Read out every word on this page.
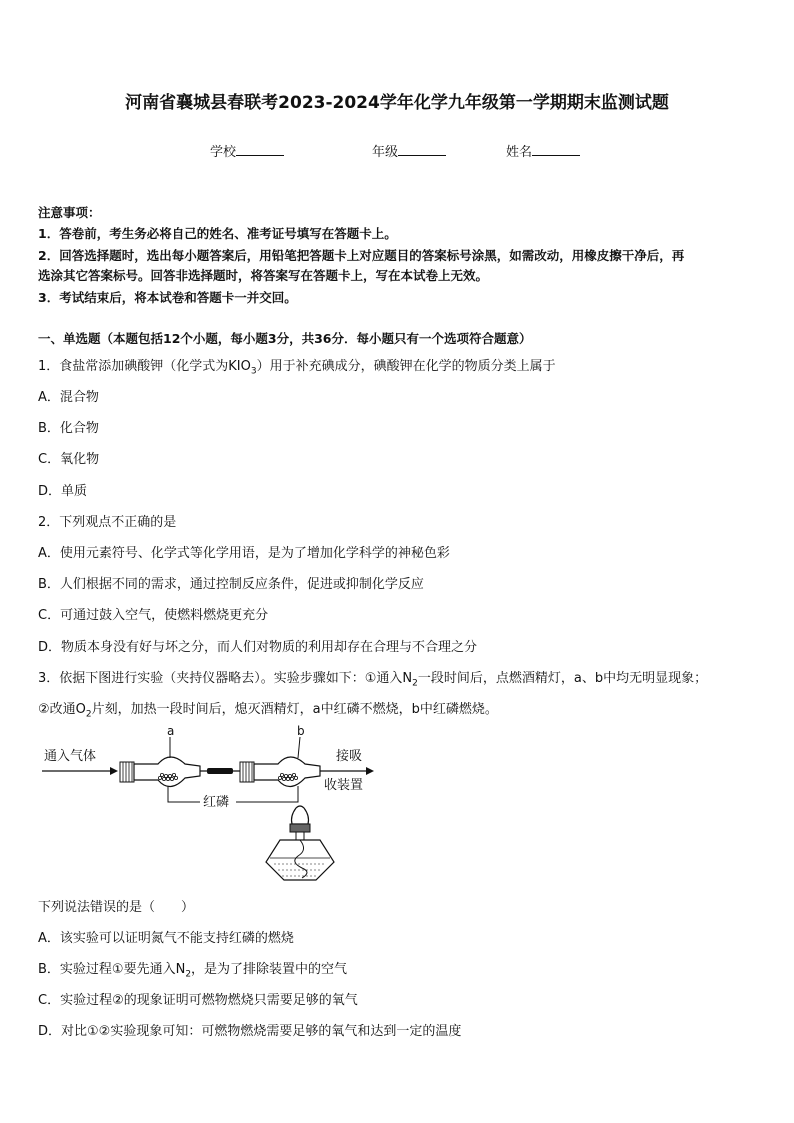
河南省襄城县春联考2023-2024学年化学九年级第一学期期末监测试题
学校	年级	姓名
注意事项：
1．答卷前，考生务必将自己的姓名、准考证号填写在答题卡上。
2．回答选择题时，选出每小题答案后，用铅笔把答题卡上对应题目的答案标号涂黑，如需改动，用橡皮擦干净后，再
选涂其它答案标号。回答非选择题时，将答案写在答题卡上，写在本试卷上无效。
3．考试结束后，将本试卷和答题卡一并交回。
一、单选题（本题包括12个小题，每小题3分，共36分．每小题只有一个选项符合题意）
1．食盐常添加碘酸钾（化学式为$KIO_3$）用于补充碘成分，碘酸钾在化学的物质分类上属于
A．混合物
B．化合物
C．氧化物
D．单质
2．下列观点不正确的是
A．使用元素符号、化学式等化学用语，是为了增加化学科学的神秘色彩
B．人们根据不同的需求，通过控制反应条件，促进或抑制化学反应
C．可通过鼓入空气，使燃料燃烧更充分
D．物质本身没有好与坏之分，而人们对物质的利用却存在合理与不合理之分
3．依据下图进行实验（夹持仪器略去）。实验步骤如下：①通入$N_2$一段时间后，点燃酒精灯，a、b中均无明显现象；
②改通$O_2$片刻，加热一段时间后，熄灭酒精灯，a中红磷不燃烧，b中红磷燃烧。
通入气体
a	b
接吸
收装置
红磷
下列说法错误的是（　　）
A．该实验可以证明氮气不能支持红磷的燃烧
B．实验过程①要先通入$N_2$，是为了排除装置中的空气
C．实验过程②的现象证明可燃物燃烧只需要足够的氧气
D．对比①②实验现象可知：可燃物燃烧需要足够的氧气和达到一定的温度
